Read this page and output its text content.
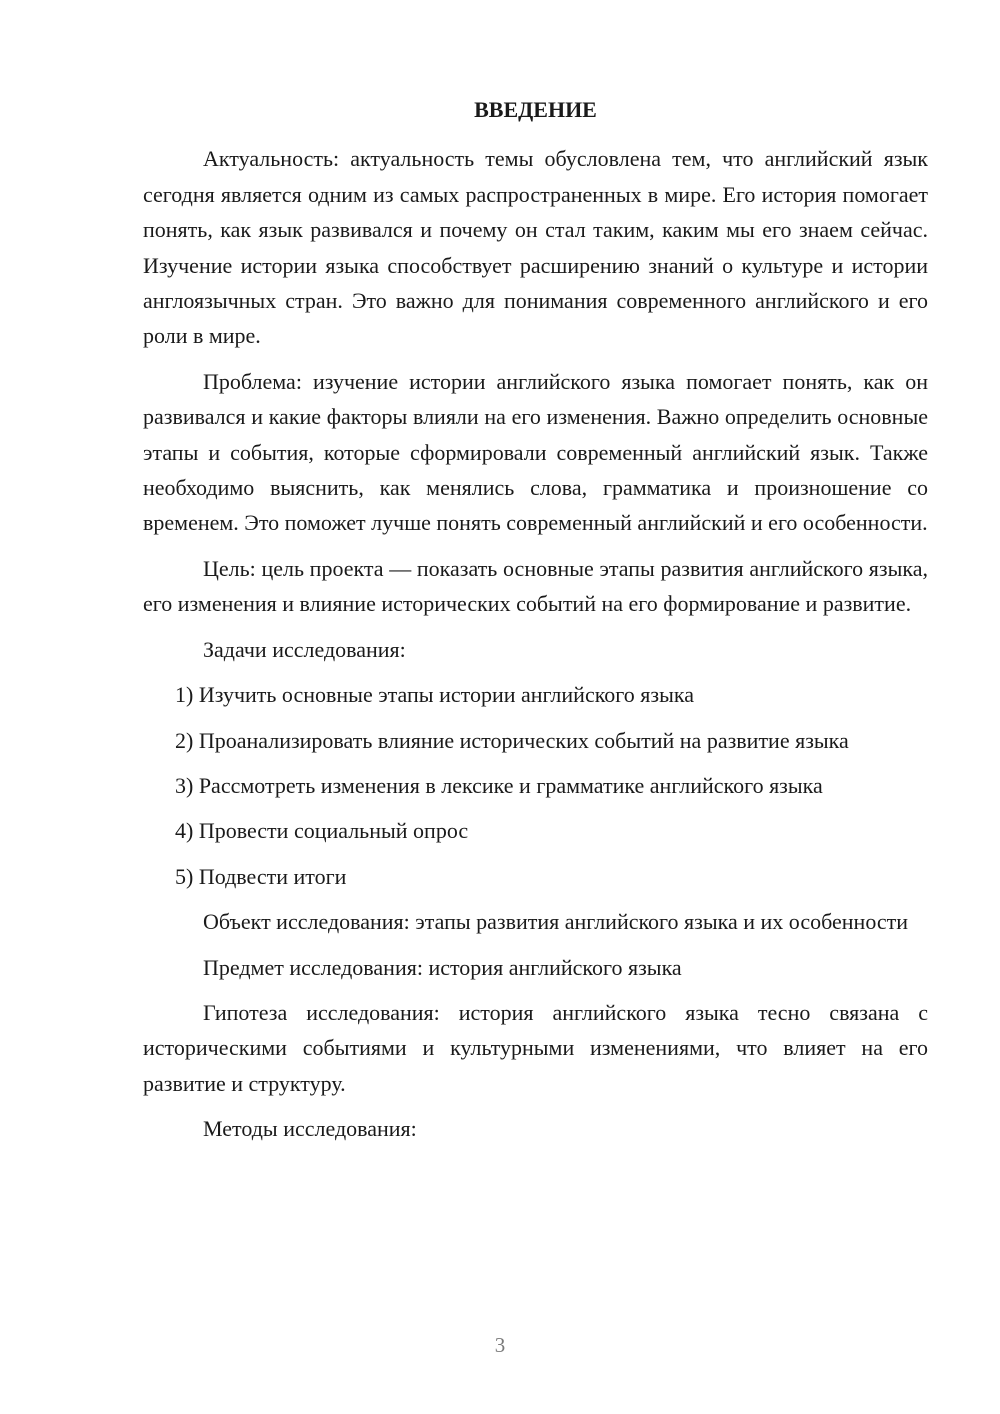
ВВЕДЕНИЕ

Актуальность: актуальность темы обусловлена тем, что английский язык сегодня является одним из самых распространенных в мире. Его история помогает понять, как язык развивался и почему он стал таким, каким мы его знаем сейчас. Изучение истории языка способствует расширению знаний о культуре и истории англоязычных стран. Это важно для понимания современного английского и его роли в мире.

Проблема: изучение истории английского языка помогает понять, как он развивался и какие факторы влияли на его изменения. Важно определить основные этапы и события, которые сформировали современный английский язык. Также необходимо выяснить, как менялись слова, грамматика и произношение со временем. Это поможет лучше понять современный английский и его особенности.

Цель: цель проекта — показать основные этапы развития английского языка, его изменения и влияние исторических событий на его формирование и развитие.

Задачи исследования:

1) Изучить основные этапы истории английского языка

2) Проанализировать влияние исторических событий на развитие языка

3) Рассмотреть изменения в лексике и грамматике английского языка

4) Провести социальный опрос

5) Подвести итоги

Объект исследования: этапы развития английского языка и их особенности

Предмет исследования: история английского языка

Гипотеза исследования: история английского языка тесно связана с историческими событиями и культурными изменениями, что влияет на его развитие и структуру.

Методы исследования:

3
